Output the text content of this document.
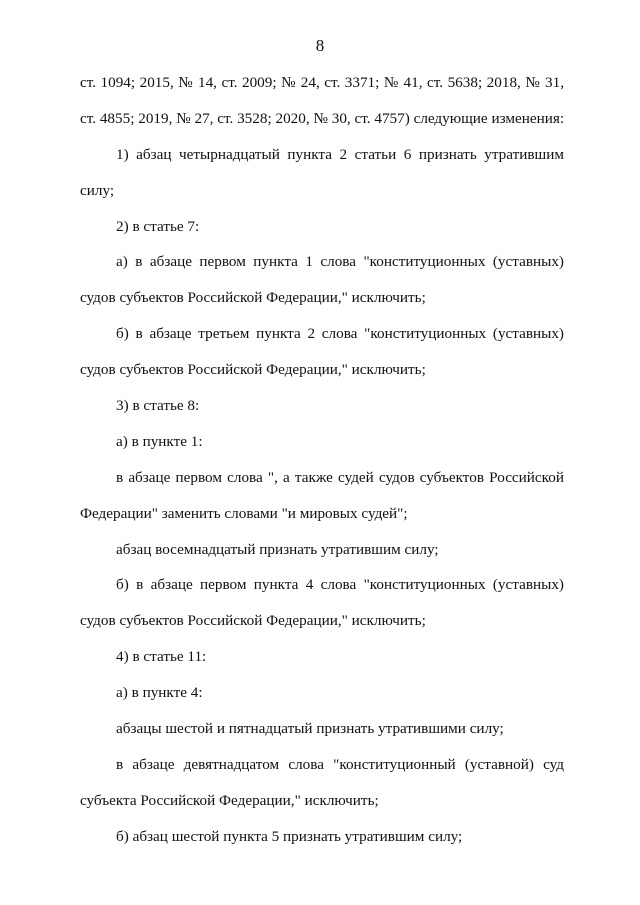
8
ст. 1094; 2015, № 14, ст. 2009; № 24, ст. 3371; № 41, ст. 5638; 2018, № 31,
ст. 4855; 2019, № 27, ст. 3528; 2020, № 30, ст. 4757) следующие изменения:
1) абзац четырнадцатый пункта 2 статьи 6 признать утратившим
силу;
2) в статье 7:
а) в абзаце первом пункта 1 слова "конституционных (уставных)
судов субъектов Российской Федерации," исключить;
б) в абзаце третьем пункта 2 слова "конституционных (уставных)
судов субъектов Российской Федерации," исключить;
3) в статье 8:
а) в пункте 1:
в абзаце первом слова ", а также судей судов субъектов Российской
Федерации" заменить словами "и мировых судей";
абзац восемнадцатый признать утратившим силу;
б) в абзаце первом пункта 4 слова "конституционных (уставных)
судов субъектов Российской Федерации," исключить;
4) в статье 11:
а) в пункте 4:
абзацы шестой и пятнадцатый признать утратившими силу;
в абзаце девятнадцатом слова "конституционный (уставной) суд
субъекта Российской Федерации," исключить;
б) абзац шестой пункта 5 признать утратившим силу;
